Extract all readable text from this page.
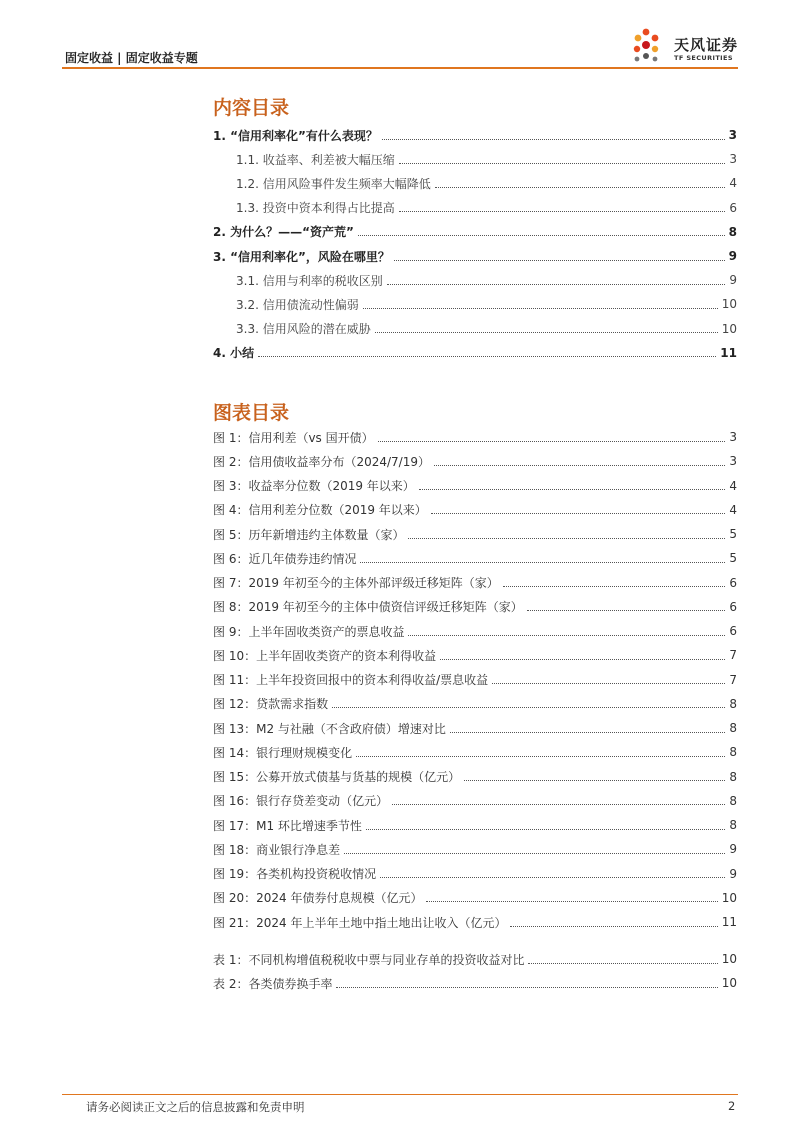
固定收益 | 固定收益专题
天风证券
TF SECURITIES
内容目录
1. “信用利率化”有什么表现？	3
1.1. 收益率、利差被大幅压缩	3
1.2. 信用风险事件发生频率大幅降低	4
1.3. 投资中资本利得占比提高	6
2. 为什么？——“资产荒”	8
3. “信用利率化”，风险在哪里？	9
3.1. 信用与利率的税收区别	9
3.2. 信用债流动性偏弱	10
3.3. 信用风险的潜在威胁	10
4. 小结	11
图表目录
图 1：信用利差（vs 国开债）	3
图 2：信用债收益率分布（2024/7/19）	3
图 3：收益率分位数（2019 年以来）	4
图 4：信用利差分位数（2019 年以来）	4
图 5：历年新增违约主体数量（家）	5
图 6：近几年债券违约情况	5
图 7：2019 年初至今的主体外部评级迁移矩阵（家）	6
图 8：2019 年初至今的主体中债资信评级迁移矩阵（家）	6
图 9：上半年固收类资产的票息收益	6
图 10：上半年固收类资产的资本利得收益	7
图 11：上半年投资回报中的资本利得收益/票息收益	7
图 12：贷款需求指数	8
图 13：M2 与社融（不含政府债）增速对比	8
图 14：银行理财规模变化	8
图 15：公募开放式债基与货基的规模（亿元）	8
图 16：银行存贷差变动（亿元）	8
图 17：M1 环比增速季节性	8
图 18：商业银行净息差	9
图 19：各类机构投资税收情况	9
图 20：2024 年债券付息规模（亿元）	10
图 21：2024 年上半年土地中指土地出让收入（亿元）	11
表 1：不同机构增值税税收中票与同业存单的投资收益对比	10
表 2：各类债券换手率	10
请务必阅读正文之后的信息披露和免责申明	2
